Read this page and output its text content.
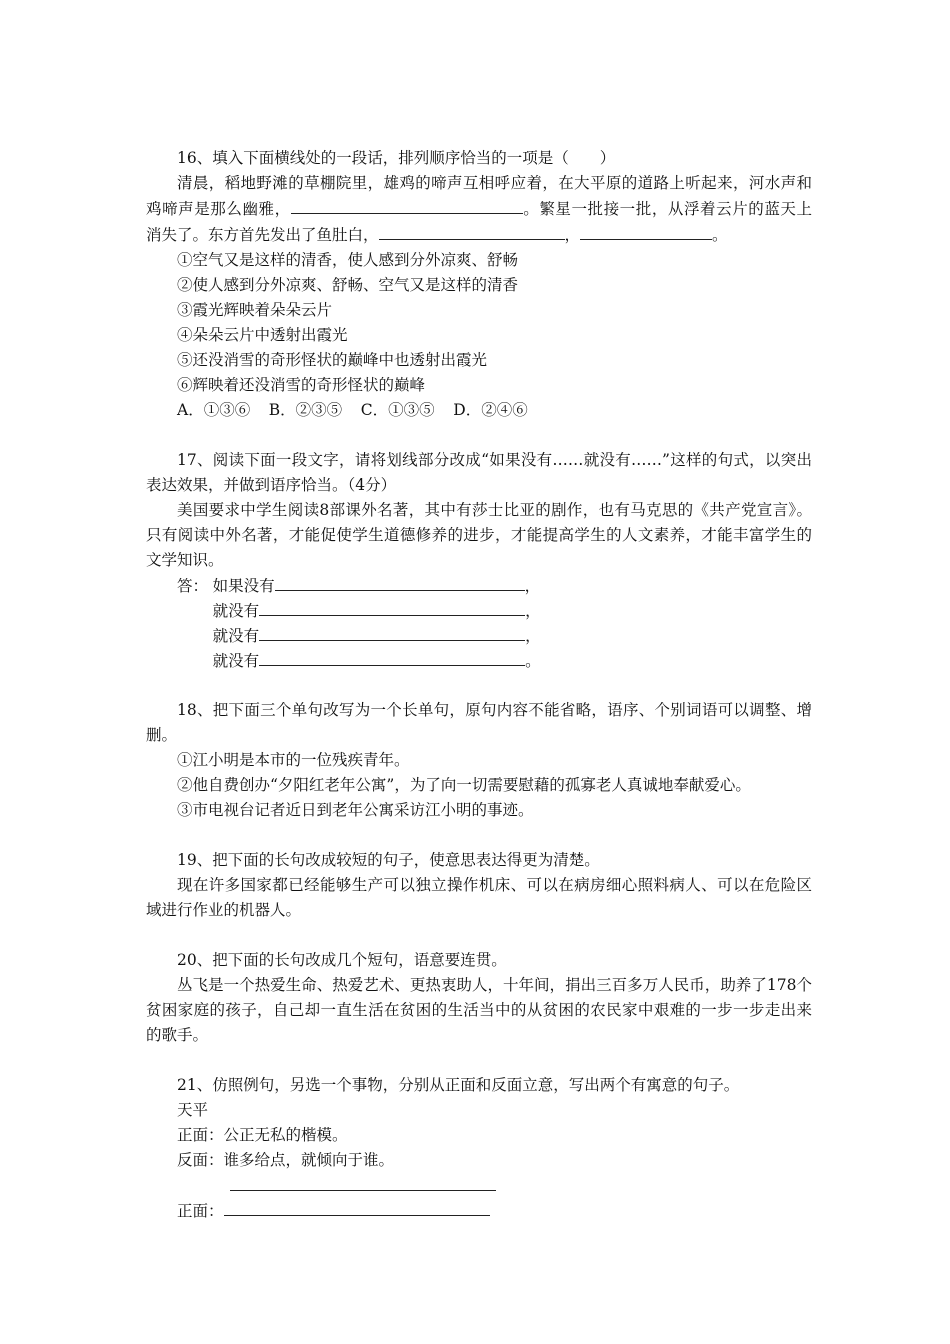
16、填入下面横线处的一段话，排列顺序恰当的一项是（　　）

清晨，稻地野滩的草棚院里，雄鸡的啼声互相呼应着，在大平原的道路上听起来，河水声和鸡啼声是那么幽雅，	。繁星一批接一批，从浮着云片的蓝天上消失了。东方首先发出了鱼肚白，	，	。

①空气又是这样的清香，使人感到分外凉爽、舒畅

②使人感到分外凉爽、舒畅、空气又是这样的清香

③霞光辉映着朵朵云片

④朵朵云片中透射出霞光

⑤还没消雪的奇形怪状的巅峰中也透射出霞光

⑥辉映着还没消雪的奇形怪状的巅峰

A．①③⑥ B．②③⑤ C．①③⑤ D．②④⑥

17、阅读下面一段文字，请将划线部分改成“如果没有……就没有……”这样的句式，以突出表达效果，并做到语序恰当。（4分）

美国要求中学生阅读8部课外名著，其中有莎士比亚的剧作，也有马克思的《共产党宣言》。只有阅读中外名著，才能促使学生道德修养的进步，才能提高学生的人文素养，才能丰富学生的文学知识。

答： 如果没有	，

就没有	，

就没有	，

就没有	。

18、把下面三个单句改写为一个长单句，原句内容不能省略，语序、个别词语可以调整、增删。

①江小明是本市的一位残疾青年。

②他自费创办“夕阳红老年公寓”，为了向一切需要慰藉的孤寡老人真诚地奉献爱心。

③市电视台记者近日到老年公寓采访江小明的事迹。

19、把下面的长句改成较短的句子，使意思表达得更为清楚。

现在许多国家都已经能够生产可以独立操作机床、可以在病房细心照料病人、可以在危险区域进行作业的机器人。

20、把下面的长句改成几个短句，语意要连贯。

丛飞是一个热爱生命、热爱艺术、更热衷助人，十年间，捐出三百多万人民币，助养了178个贫困家庭的孩子，自己却一直生活在贫困的生活当中的从贫困的农民家中艰难的一步一步走出来的歌手。

21、仿照例句，另选一个事物，分别从正面和反面立意，写出两个有寓意的句子。

天平

正面：公正无私的楷模。

反面：谁多给点，就倾向于谁。

正面：
